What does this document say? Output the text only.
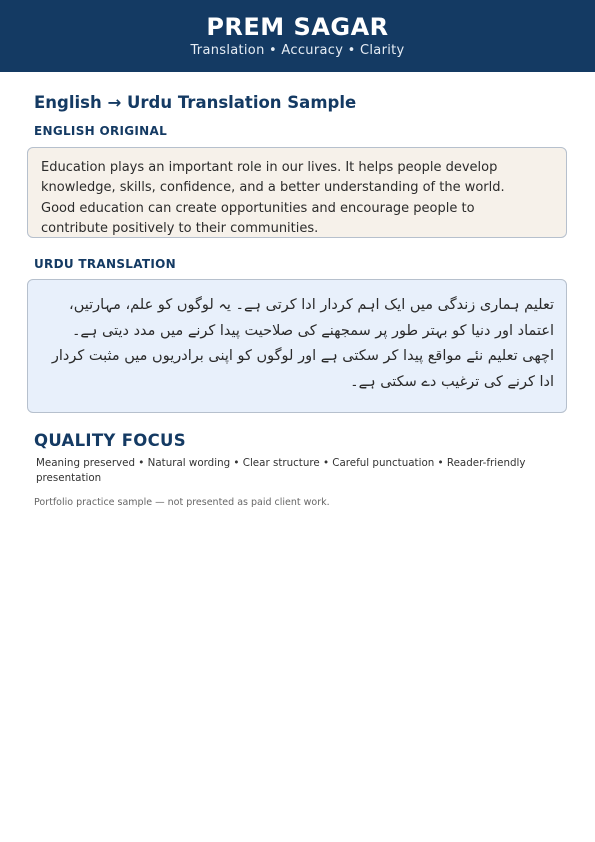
PREM SAGAR
Translation • Accuracy • Clarity
English → Urdu Translation Sample
ENGLISH ORIGINAL
Education plays an important role in our lives. It helps people develop knowledge, skills, confidence, and a better understanding of the world. Good education can create opportunities and encourage people to contribute positively to their communities.
URDU TRANSLATION
تعلیم ہماری زندگی میں ایک اہم کردار ادا کرتی ہے۔ یہ لوگوں کو علم، مہارتیں، اعتماد اور دنیا کو بہتر طور پر سمجھنے کی صلاحیت پیدا کرنے میں مدد دیتی ہے۔ اچھی تعلیم نئے مواقع پیدا کر سکتی ہے اور لوگوں کو اپنی برادریوں میں مثبت کردار ادا کرنے کی ترغیب دے سکتی ہے۔
QUALITY FOCUS
Meaning preserved • Natural wording • Clear structure • Careful punctuation • Reader-friendly presentation
Portfolio practice sample — not presented as paid client work.
